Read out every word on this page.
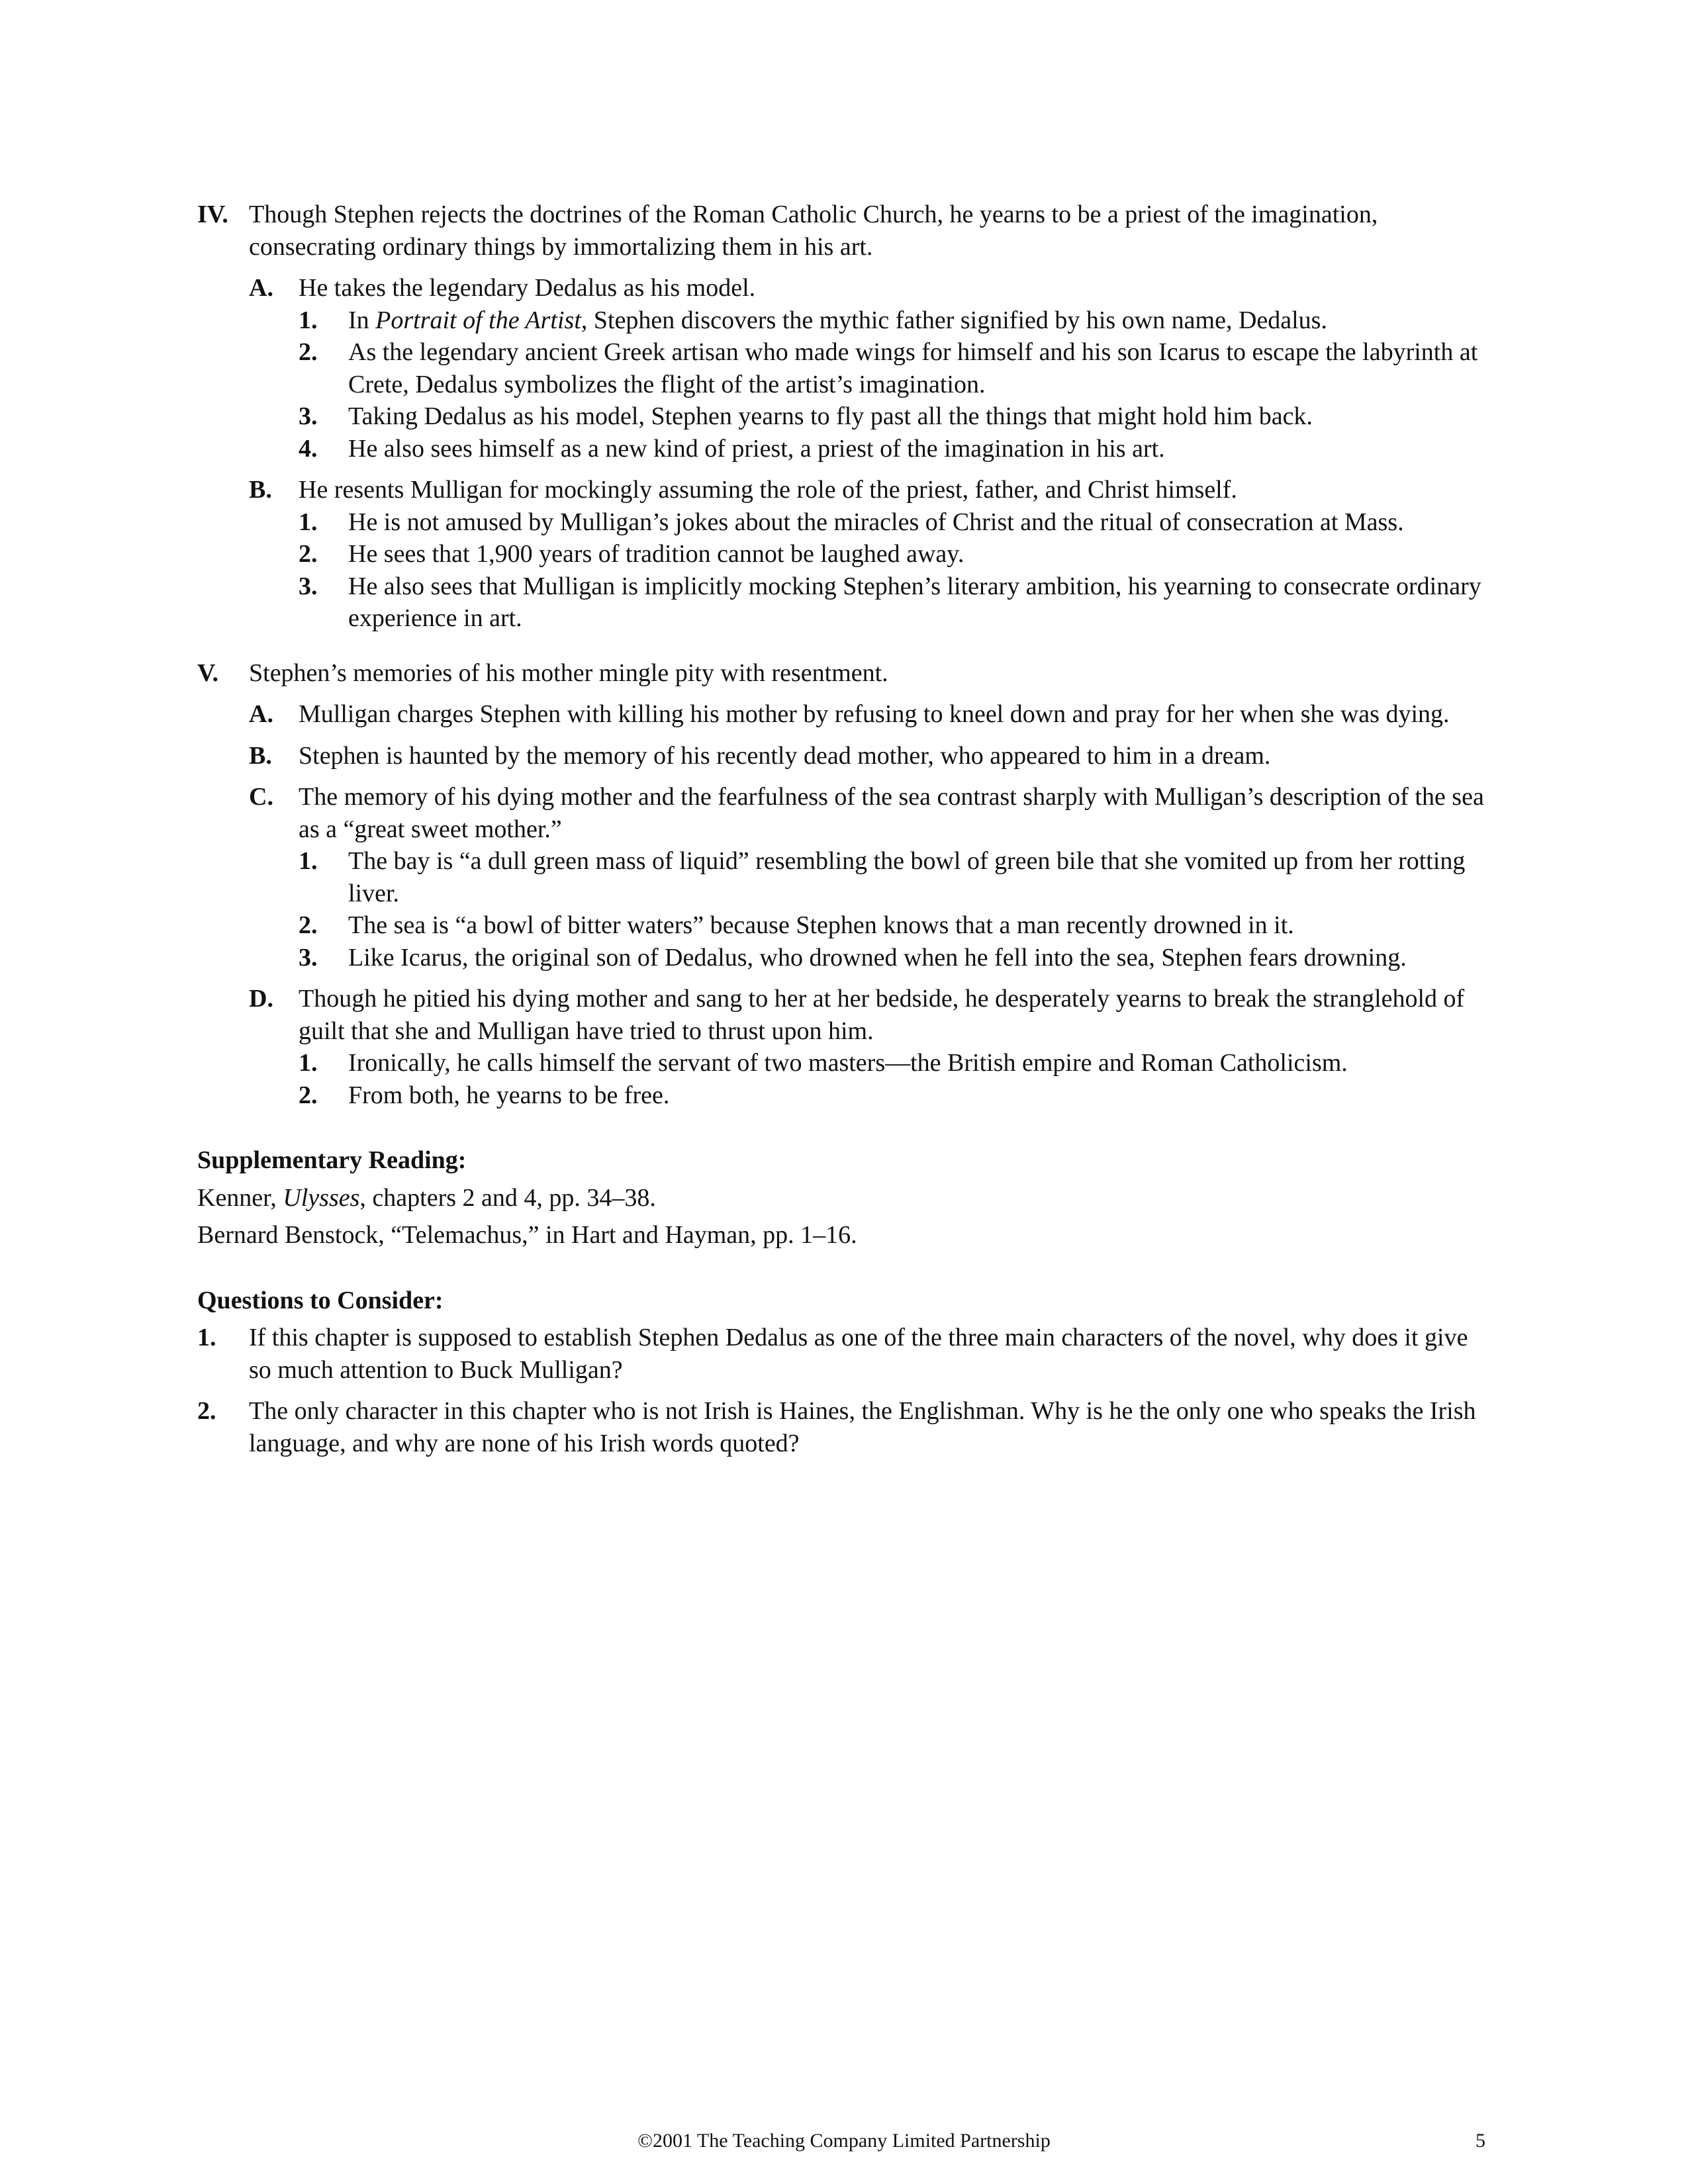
IV. Though Stephen rejects the doctrines of the Roman Catholic Church, he yearns to be a priest of the imagination, consecrating ordinary things by immortalizing them in his art.
A. He takes the legendary Dedalus as his model.
1. In Portrait of the Artist, Stephen discovers the mythic father signified by his own name, Dedalus.
2. As the legendary ancient Greek artisan who made wings for himself and his son Icarus to escape the labyrinth at Crete, Dedalus symbolizes the flight of the artist’s imagination.
3. Taking Dedalus as his model, Stephen yearns to fly past all the things that might hold him back.
4. He also sees himself as a new kind of priest, a priest of the imagination in his art.
B. He resents Mulligan for mockingly assuming the role of the priest, father, and Christ himself.
1. He is not amused by Mulligan’s jokes about the miracles of Christ and the ritual of consecration at Mass.
2. He sees that 1,900 years of tradition cannot be laughed away.
3. He also sees that Mulligan is implicitly mocking Stephen’s literary ambition, his yearning to consecrate ordinary experience in art.
V. Stephen’s memories of his mother mingle pity with resentment.
A. Mulligan charges Stephen with killing his mother by refusing to kneel down and pray for her when she was dying.
B. Stephen is haunted by the memory of his recently dead mother, who appeared to him in a dream.
C. The memory of his dying mother and the fearfulness of the sea contrast sharply with Mulligan’s description of the sea as a “great sweet mother.”
1. The bay is “a dull green mass of liquid” resembling the bowl of green bile that she vomited up from her rotting liver.
2. The sea is “a bowl of bitter waters” because Stephen knows that a man recently drowned in it.
3. Like Icarus, the original son of Dedalus, who drowned when he fell into the sea, Stephen fears drowning.
D. Though he pitied his dying mother and sang to her at her bedside, he desperately yearns to break the stranglehold of guilt that she and Mulligan have tried to thrust upon him.
1. Ironically, he calls himself the servant of two masters—the British empire and Roman Catholicism.
2. From both, he yearns to be free.
Supplementary Reading:
Kenner, Ulysses, chapters 2 and 4, pp. 34–38.
Bernard Benstock, “Telemachus,” in Hart and Hayman, pp. 1–16.
Questions to Consider:
1. If this chapter is supposed to establish Stephen Dedalus as one of the three main characters of the novel, why does it give so much attention to Buck Mulligan?
2. The only character in this chapter who is not Irish is Haines, the Englishman. Why is he the only one who speaks the Irish language, and why are none of his Irish words quoted?
©2001 The Teaching Company Limited Partnership	5
